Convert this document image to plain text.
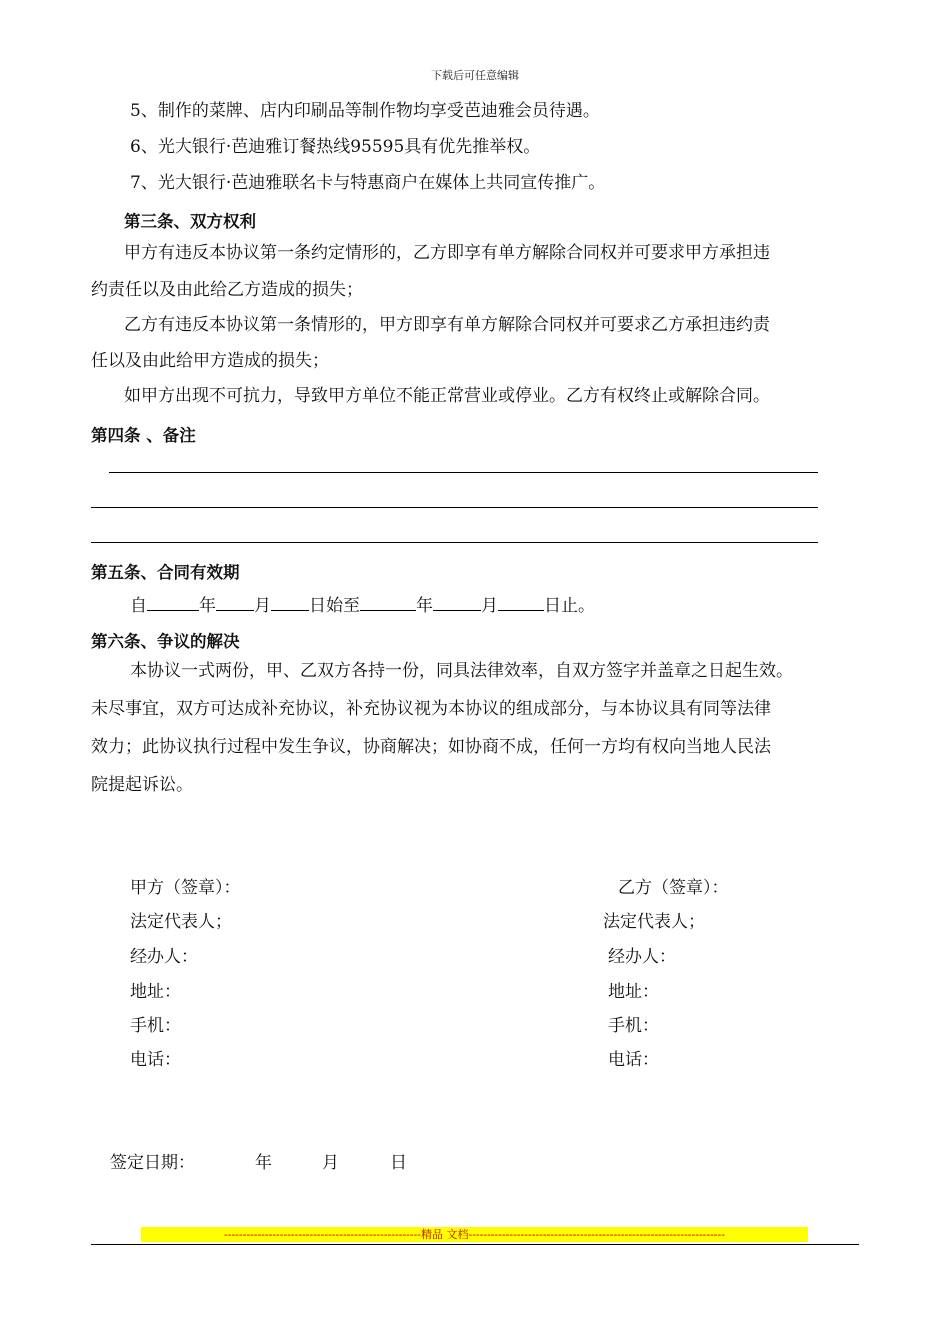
下载后可任意编辑
5、制作的菜牌、店内印刷品等制作物均享受芭迪雅会员待遇。
6、光大银行·芭迪雅订餐热线95595具有优先推举权。
7、光大银行·芭迪雅联名卡与特惠商户在媒体上共同宣传推广。
第三条、双方权利
甲方有违反本协议第一条约定情形的，乙方即享有单方解除合同权并可要求甲方承担违
约责任以及由此给乙方造成的损失；
乙方有违反本协议第一条情形的，甲方即享有单方解除合同权并可要求乙方承担违约责
任以及由此给甲方造成的损失；
如甲方出现不可抗力，导致甲方单位不能正常营业或停业。乙方有权终止或解除合同。
第四条 、备注
第五条、合同有效期
自	年 月 日始至	年	月	日止。
第六条、争议的解决
本协议一式两份，甲、乙双方各持一份，同具法律效率，自双方签字并盖章之日起生效。
未尽事宜，双方可达成补充协议，补充协议视为本协议的组成部分，与本协议具有同等法律
效力；此协议执行过程中发生争议，协商解决；如协商不成，任何一方均有权向当地人民法
院提起诉讼。
甲方（签章）：
法定代表人；
经办人：
地址：
手机：
电话：
乙方（签章）：
法定代表人；
经办人：
地址：
手机：
电话：
签定日期：	年	月	日
-----------------------------------------------------精品 文档---------------------------------------------------------------------
